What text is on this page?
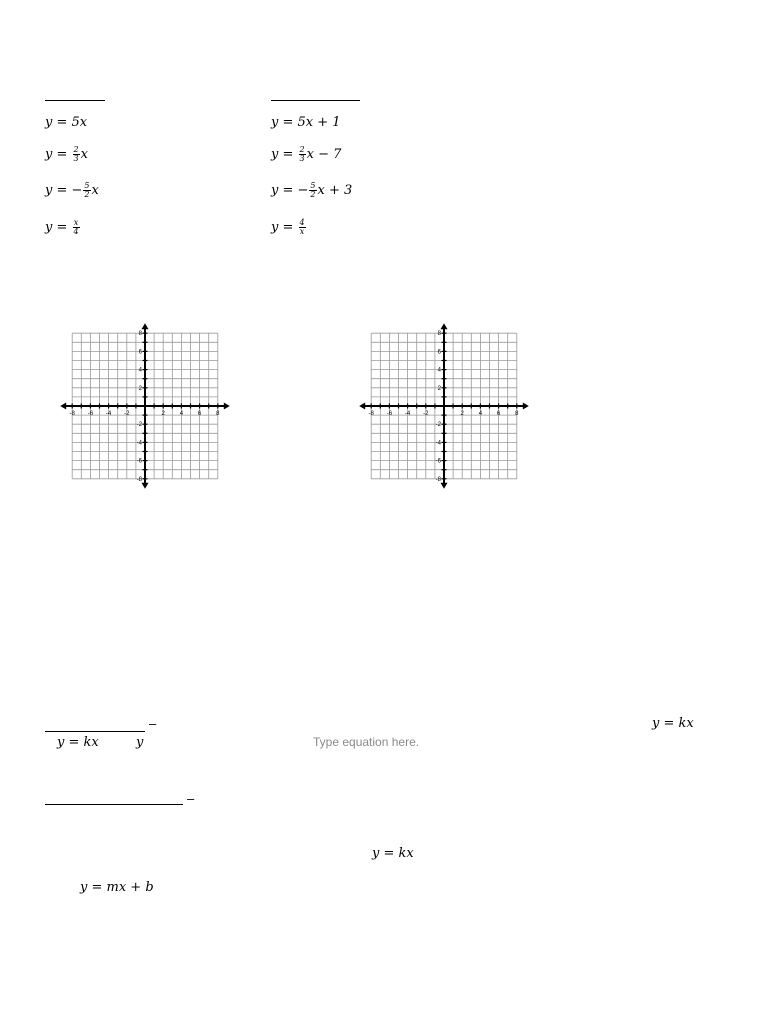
y = 5x
$y = \frac{2}{3}$ x
y = − $\frac{5}{2}$ x
$y = \frac{x}{4}$
y = 5x + 1
$y = \frac{2}{3}$ x − 7
y = − $\frac{5}{2}$ x + 3
$y = \frac{4}{x}$
-8 -6 -4 -2	2 4 6 8
8
6
4
2
-2
-4
-6
-8
-8 -6 -4 -2	2 4 6 8
8
6
4
2
-2
-4
-6
-8
–	y = kx
y = kx	y	Type equation here.
–
y = kx
y = mx + b
